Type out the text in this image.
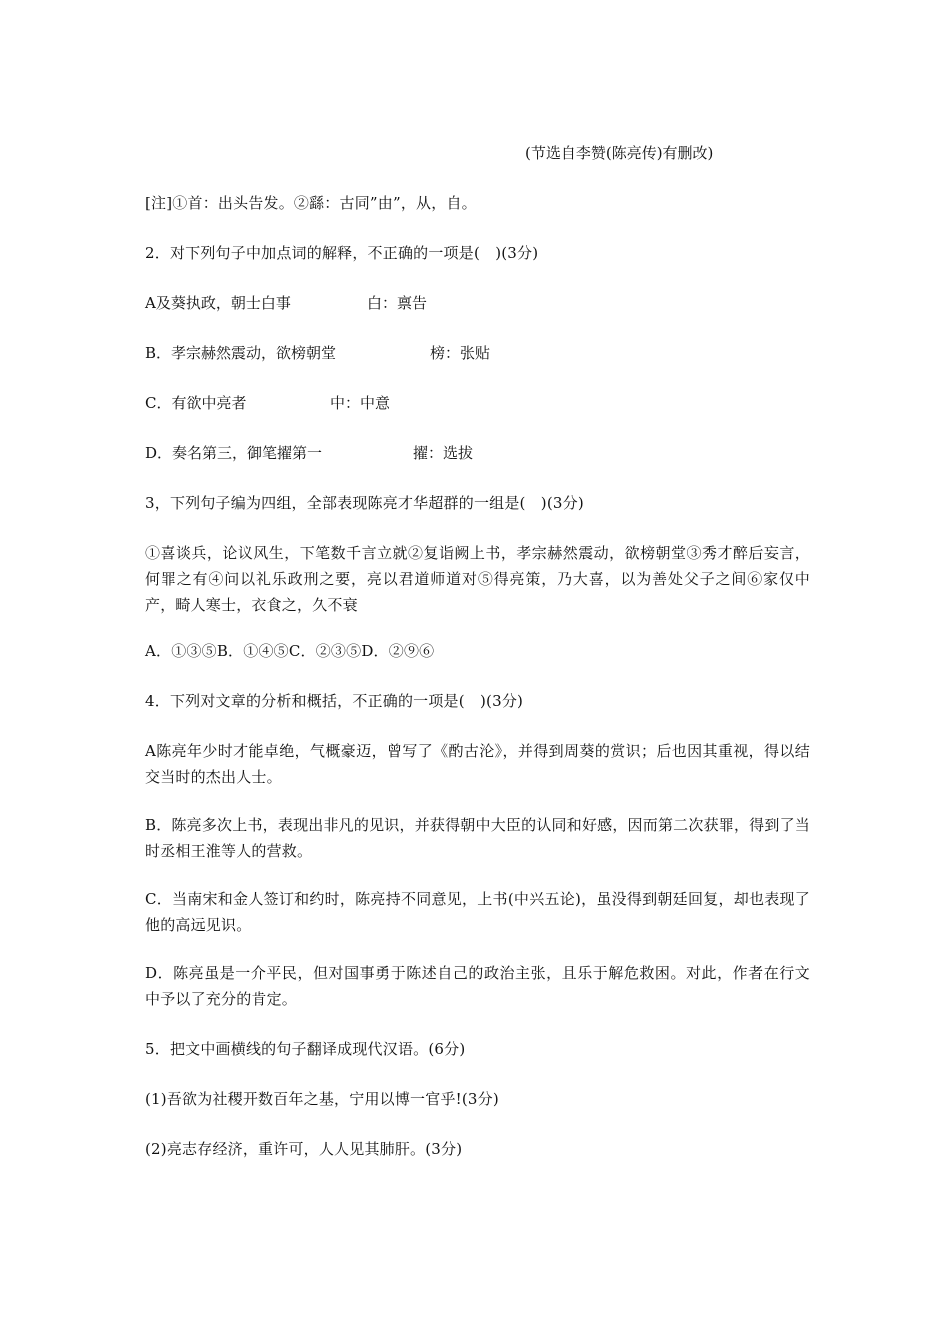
(节选自李赞(陈亮传)有删改)
[注]①首：出头告发。②繇：古同”由”，从，自。
2．对下列句子中加点词的解释，不正确的一项是(　)(3分)
A及葵执政，朝士白事	白：禀告
B．孝宗赫然震动，欲榜朝堂	榜：张贴
C．有欲中亮者	中：中意
D．奏名第三，御笔擢第一	擢：选拔
3，下列句子编为四组，全部表现陈亮才华超群的一组是(　)(3分)
①喜谈兵，论议风生，下笔数千言立就②复诣阙上书，孝宗赫然震动，欲榜朝堂③秀才醉后妄言，何罪之有④问以礼乐政刑之要，亮以君道师道对⑤得亮策，乃大喜，以为善处父子之间⑥家仅中产，畸人寒士，衣食之，久不衰
A．①③⑤B．①④⑤C．②③⑤D．②⑨⑥
4．下列对文章的分析和概括，不正确的一项是(　)(3分)
A陈亮年少时才能卓绝，气概豪迈，曾写了《酌古沦》，并得到周葵的赏识；后也因其重视，得以结交当时的杰出人士。
B．陈亮多次上书，表现出非凡的见识，并获得朝中大臣的认同和好感，因而第二次获罪，得到了当时丞相王淮等人的营救。
C．当南宋和金人签订和约时，陈亮持不同意见，上书(中兴五论)，虽没得到朝廷回复，却也表现了他的高远见识。
D．陈亮虽是一介平民，但对国事勇于陈述自己的政治主张，且乐于解危救困。对此，作者在行文中予以了充分的肯定。
5．把文中画横线的句子翻译成现代汉语。(6分)
(1)吾欲为社稷开数百年之基，宁用以博一官乎!(3分)
(2)亮志存经济，重许可，人人见其肺肝。(3分)
